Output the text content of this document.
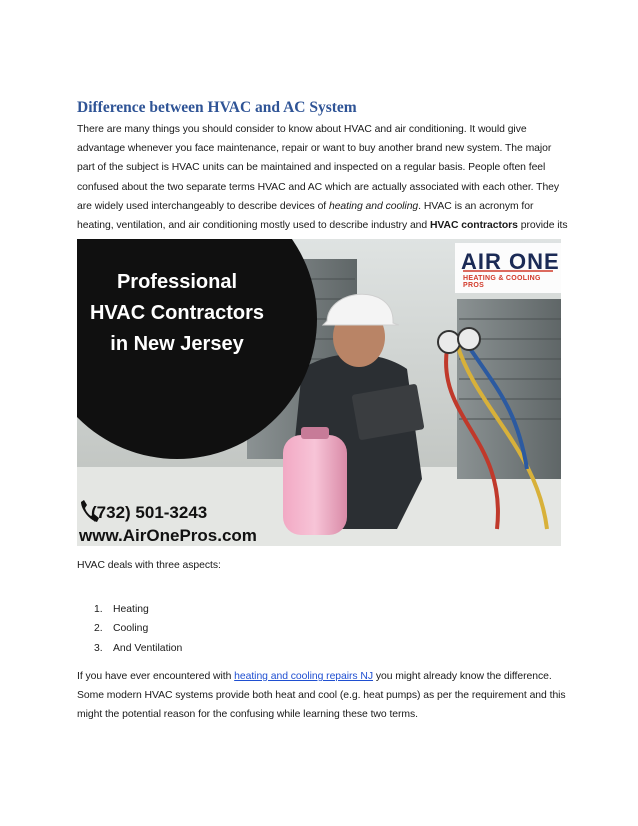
Difference between HVAC and AC System

There are many things you should consider to know about HVAC and air conditioning. It would give advantage whenever you face maintenance, repair or want to buy another brand new system. The major part of the subject is HVAC units can be maintained and inspected on a regular basis. People often feel confused about the two separate terms HVAC and AC which are actually associated with each other. They are widely used interchangeably to describe devices of heating and cooling. HVAC is an acronym for heating, ventilation, and air conditioning mostly used to describe industry and HVAC contractors provide its

Professional
HVAC Contractors
in New Jersey

AIR ONE
HEATING & COOLING PROS
(732) 501-3243
www.AirOnePros.com

HVAC deals with three aspects:

1. Heating
2. Cooling
3. And Ventilation

If you have ever encountered with heating and cooling repairs NJ you might already know the difference. Some modern HVAC systems provide both heat and cool (e.g. heat pumps) as per the requirement and this might the potential reason for the confusing while learning these two terms.
